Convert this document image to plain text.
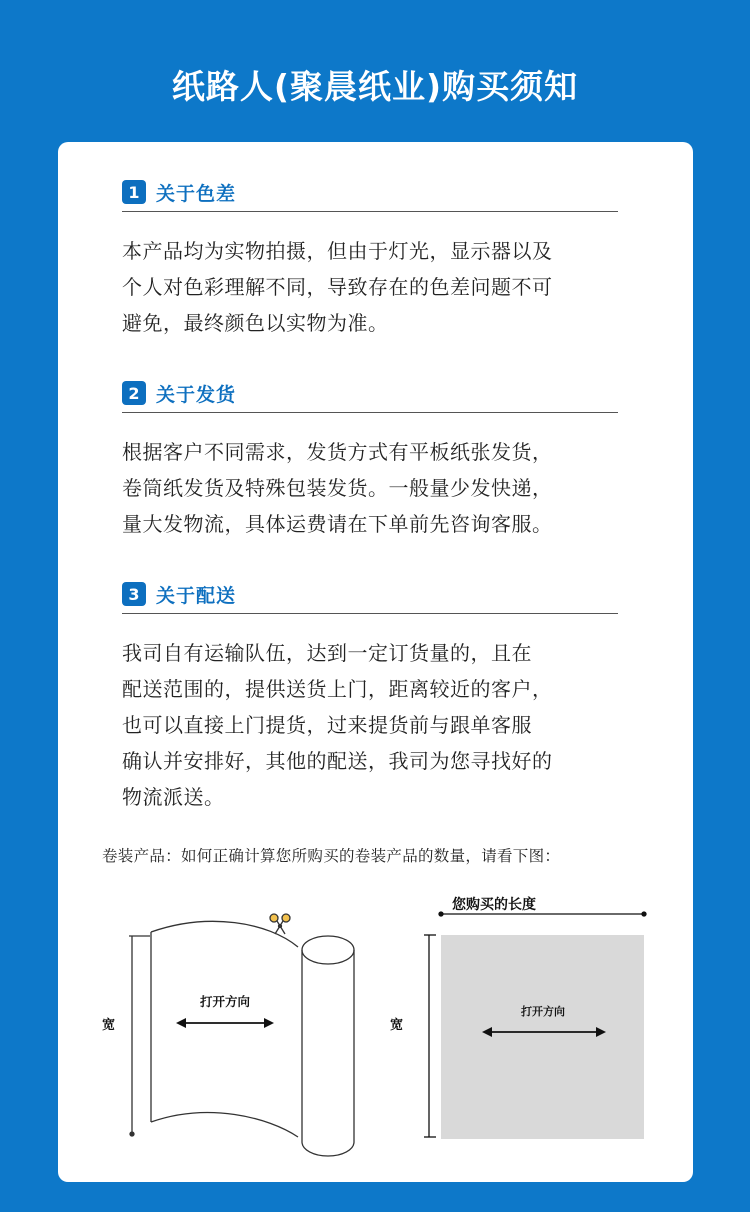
纸路人(聚晨纸业)购买须知
1 关于色差
本产品均为实物拍摄，但由于灯光，显示器以及
个人对色彩理解不同，导致存在的色差问题不可
避免，最终颜色以实物为准。
2 关于发货
根据客户不同需求，发货方式有平板纸张发货，
卷筒纸发货及特殊包装发货。一般量少发快递，
量大发物流，具体运费请在下单前先咨询客服。
3 关于配送
我司自有运输队伍，达到一定订货量的，且在
配送范围的，提供送货上门，距离较近的客户，
也可以直接上门提货，过来提货前与跟单客服
确认并安排好，其他的配送，我司为您寻找好的
物流派送。
卷装产品：如何正确计算您所购买的卷装产品的数量，请看下图：
宽
打开方向
您购买的长度
宽
打开方向
